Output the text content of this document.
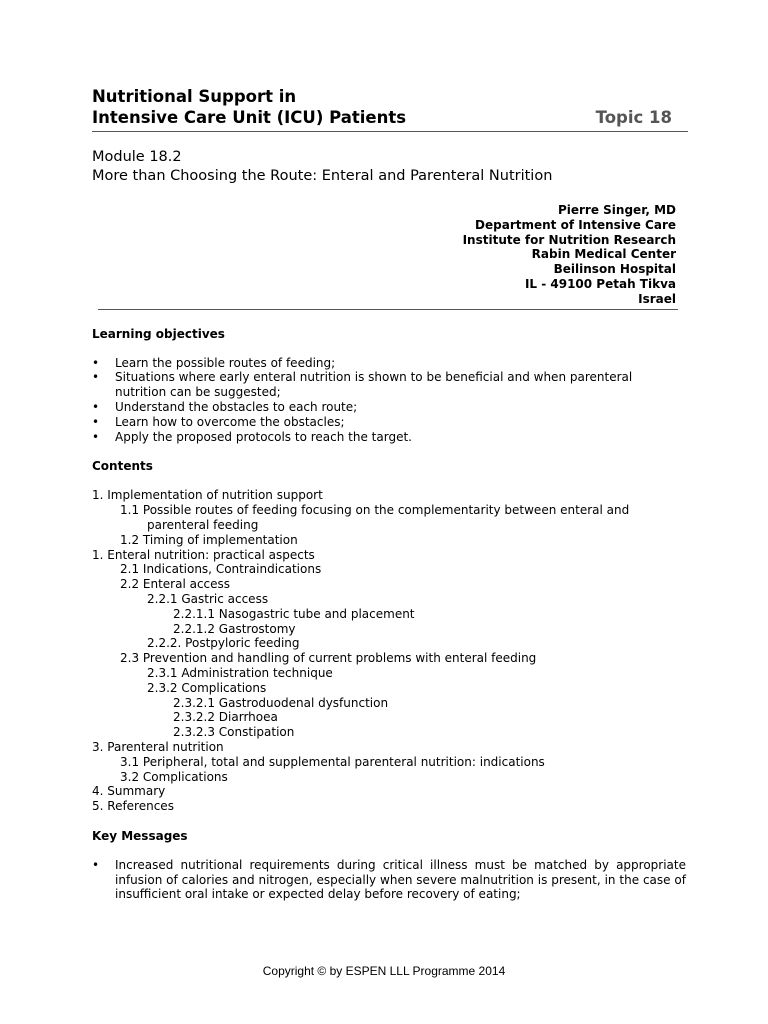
Nutritional Support in
Intensive Care Unit (ICU) Patients	Topic 18
Module 18.2
More than Choosing the Route: Enteral and Parenteral Nutrition
Pierre Singer, MD
Department of Intensive Care
Institute for Nutrition Research
Rabin Medical Center
Beilinson Hospital
IL - 49100 Petah Tikva
Israel
Learning objectives
• Learn the possible routes of feeding;
• Situations where early enteral nutrition is shown to be beneficial and when parenteral nutrition can be suggested;
• Understand the obstacles to each route;
• Learn how to overcome the obstacles;
• Apply the proposed protocols to reach the target.
Contents
1. Implementation of nutrition support
1.1 Possible routes of feeding focusing on the complementarity between enteral and
parenteral feeding
1.2 Timing of implementation
1. Enteral nutrition: practical aspects
2.1 Indications, Contraindications
2.2 Enteral access
2.2.1 Gastric access
2.2.1.1 Nasogastric tube and placement
2.2.1.2 Gastrostomy
2.2.2. Postpyloric feeding
2.3 Prevention and handling of current problems with enteral feeding
2.3.1 Administration technique
2.3.2 Complications
2.3.2.1 Gastroduodenal dysfunction
2.3.2.2 Diarrhoea
2.3.2.3 Constipation
3. Parenteral nutrition
3.1 Peripheral, total and supplemental parenteral nutrition: indications
3.2 Complications
4. Summary
5. References
Key Messages
• Increased nutritional requirements during critical illness must be matched by appropriate infusion of calories and nitrogen, especially when severe malnutrition is present, in the case of insufficient oral intake or expected delay before recovery of eating;
Copyright © by ESPEN LLL Programme 2014
